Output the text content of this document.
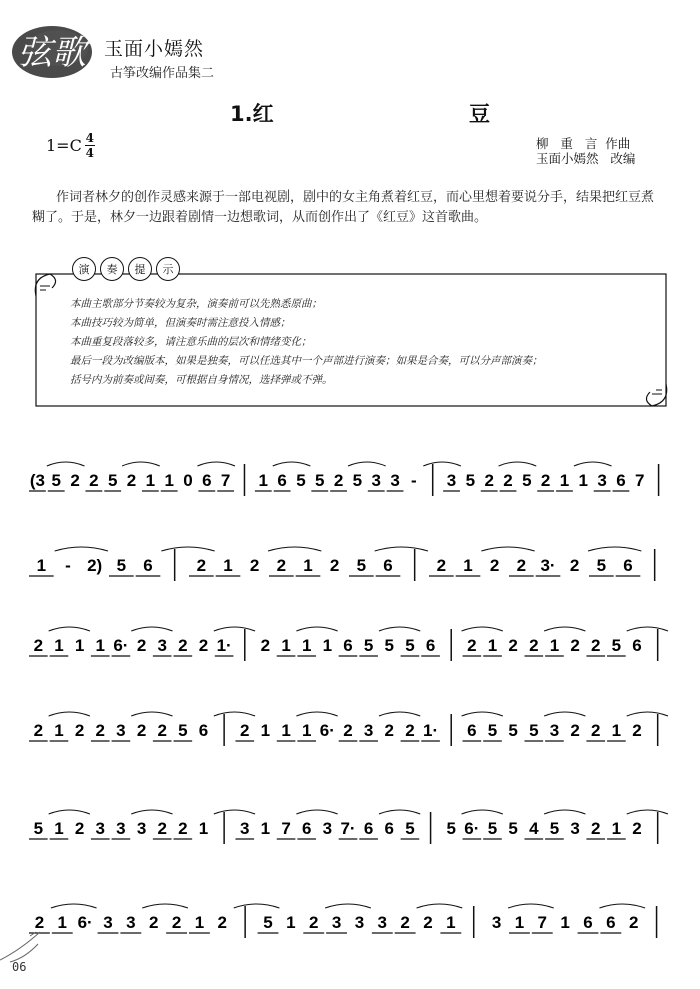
弦歌 玉面小嫣然
古筝改编作品集二
1.红	豆
$1=C \frac{4}{4}$	柳   重   言  作曲
玉面小嫣然   改编
作词者林夕的创作灵感来源于一部电视剧，剧中的女主角煮着红豆，而心里想着要说分手，结果把红豆煮糊了。于是，林夕一边跟着剧情一边想歌词，从而创作出了《红豆》这首歌曲。
演	奏	提	示
本曲主歌部分节奏较为复杂，演奏前可以先熟悉原曲；
本曲技巧较为简单，但演奏时需注意投入情感；
本曲重复段落较多，请注意乐曲的层次和情绪变化；
最后一段为改编版本，如果是独奏，可以任选其中一个声部进行演奏；如果是合奏，可以分声部演奏；
括号内为前奏或间奏，可根据自身情况，选择弹或不弹。
(3 5 2 2 5 2 1 1 0 6 7 1 6 5 5 2 5 3 3 - 3 5 2 2 5 2 1 1 3 6 7
1 - 2) 5 6	2 1 2 2 1 2 5 6	2 1 2 2 3· 2 5 6
2 1 1 1 6· 2 3 2 2 1· 2 1 1 1 6 5 5 5 6 2 1 2 2 1 2 2 5 6
2 1 2 2 3 2 2 5 6 2 1 1 1 6· 2 3 2 2 1· 6 5 5 5 3 2 2 1 2
5 1 2 3 3 3 2 2 1 3 1 7 6 3 7· 6 6 5 5 6· 5 5 4 5 3 2 1 2
2 1 6· 3 3 2 2 1 2 5 1 2 3 3 3 2 2 1 3 1 7 1 6 6 2
06
